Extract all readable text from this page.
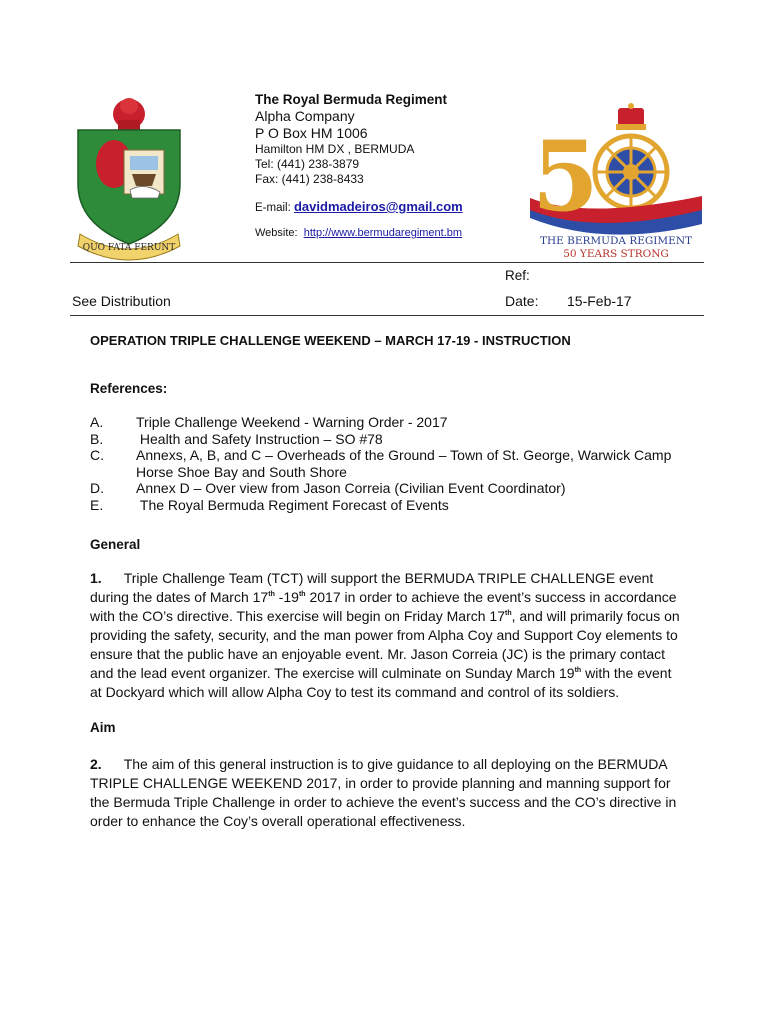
QUO FATA FERUNT
The Royal Bermuda Regiment
Alpha Company
P O Box HM 1006
Hamilton HM DX , BERMUDA
Tel: (441) 238-3879
Fax: (441) 238-8433
E-mail: davidmadeiros@gmail.com
Website: http://www.bermudaregiment.bm 5
THE BERMUDA REGIMENT
50 YEARS STRONG
Ref:
See Distribution	Date: 15-Feb-17
OPERATION TRIPLE CHALLENGE WEEKEND – MARCH 17-19 - INSTRUCTION
References:
A.	Triple Challenge Weekend - Warning Order - 2017
B.	Health and Safety Instruction – SO #78
C.	Annexs, A, B, and C – Overheads of the Ground – Town of St. George, Warwick Camp Horse Shoe Bay and South Shore
D.	Annex D – Over view from Jason Correia (Civilian Event Coordinator)
E.	The Royal Bermuda Regiment Forecast of Events
General
1. Triple Challenge Team (TCT) will support the BERMUDA TRIPLE CHALLENGE event during the dates of March 17th -19th 2017 in order to achieve the event’s success in accordance with the CO’s directive. This exercise will begin on Friday March 17th, and will primarily focus on providing the safety, security, and the man power from Alpha Coy and Support Coy elements to ensure that the public have an enjoyable event. Mr. Jason Correia (JC) is the primary contact and the lead event organizer. The exercise will culminate on Sunday March 19th with the event at Dockyard which will allow Alpha Coy to test its command and control of its soldiers.
Aim
2. The aim of this general instruction is to give guidance to all deploying on the BERMUDA TRIPLE CHALLENGE WEEKEND 2017, in order to provide planning and manning support for the Bermuda Triple Challenge in order to achieve the event’s success and the CO’s directive in order to enhance the Coy’s overall operational effectiveness.
